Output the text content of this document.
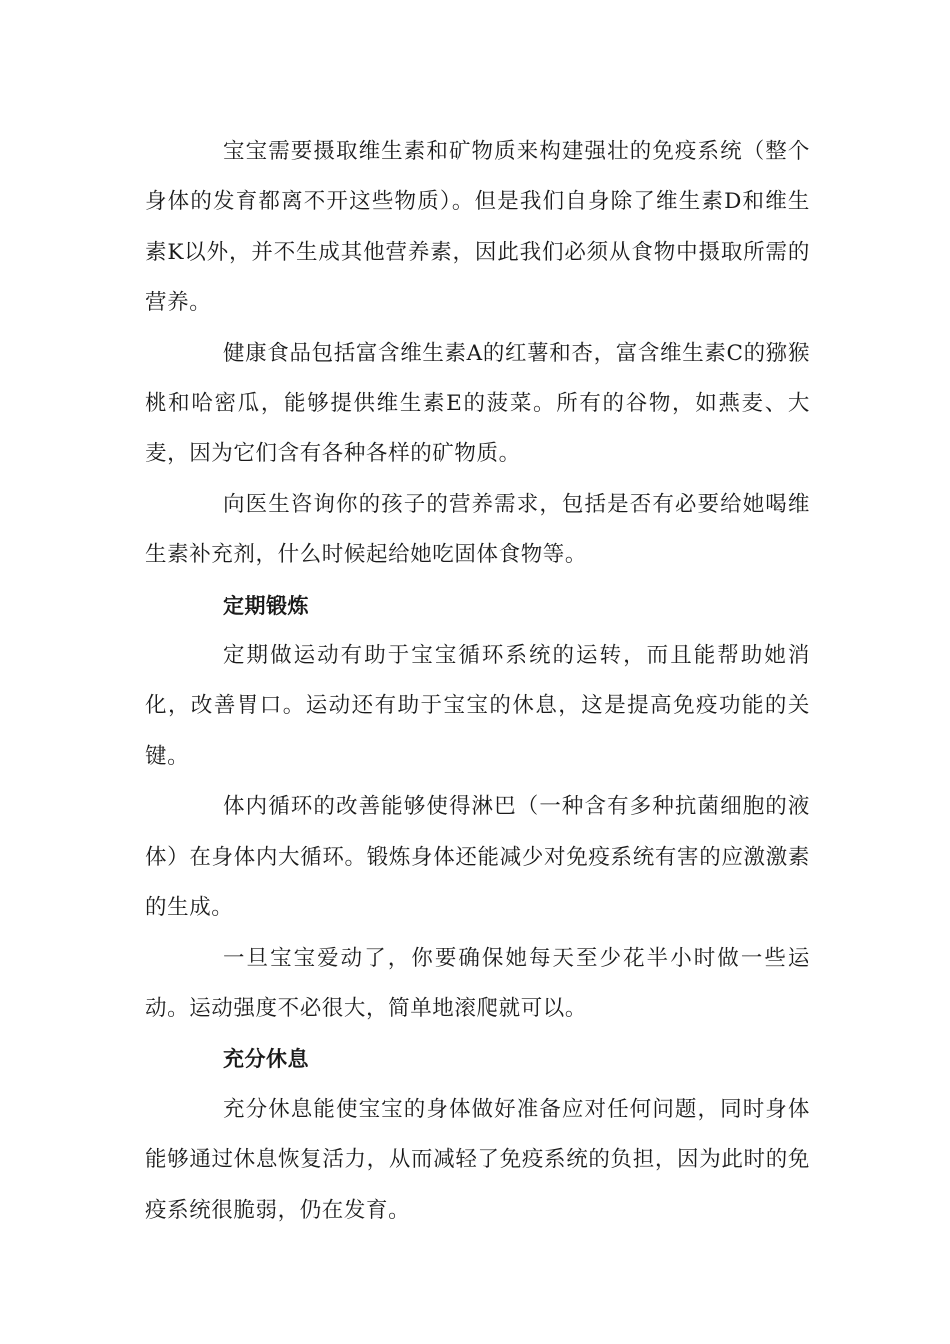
宝宝需要摄取维生素和矿物质来构建强壮的免疫系统（整个身体的发育都离不开这些物质）。但是我们自身除了维生素D和维生素K以外，并不生成其他营养素，因此我们必须从食物中摄取所需的营养。

健康食品包括富含维生素A的红薯和杏，富含维生素C的猕猴桃和哈密瓜，能够提供维生素E的菠菜。所有的谷物，如燕麦、大麦，因为它们含有各种各样的矿物质。

向医生咨询你的孩子的营养需求，包括是否有必要给她喝维生素补充剂，什么时候起给她吃固体食物等。

定期锻炼

定期做运动有助于宝宝循环系统的运转，而且能帮助她消化，改善胃口。运动还有助于宝宝的休息，这是提高免疫功能的关键。

体内循环的改善能够使得淋巴（一种含有多种抗菌细胞的液体）在身体内大循环。锻炼身体还能减少对免疫系统有害的应激激素的生成。

一旦宝宝爱动了，你要确保她每天至少花半小时做一些运动。运动强度不必很大，简单地滚爬就可以。

充分休息

充分休息能使宝宝的身体做好准备应对任何问题，同时身体能够通过休息恢复活力，从而减轻了免疫系统的负担，因为此时的免疫系统很脆弱，仍在发育。
